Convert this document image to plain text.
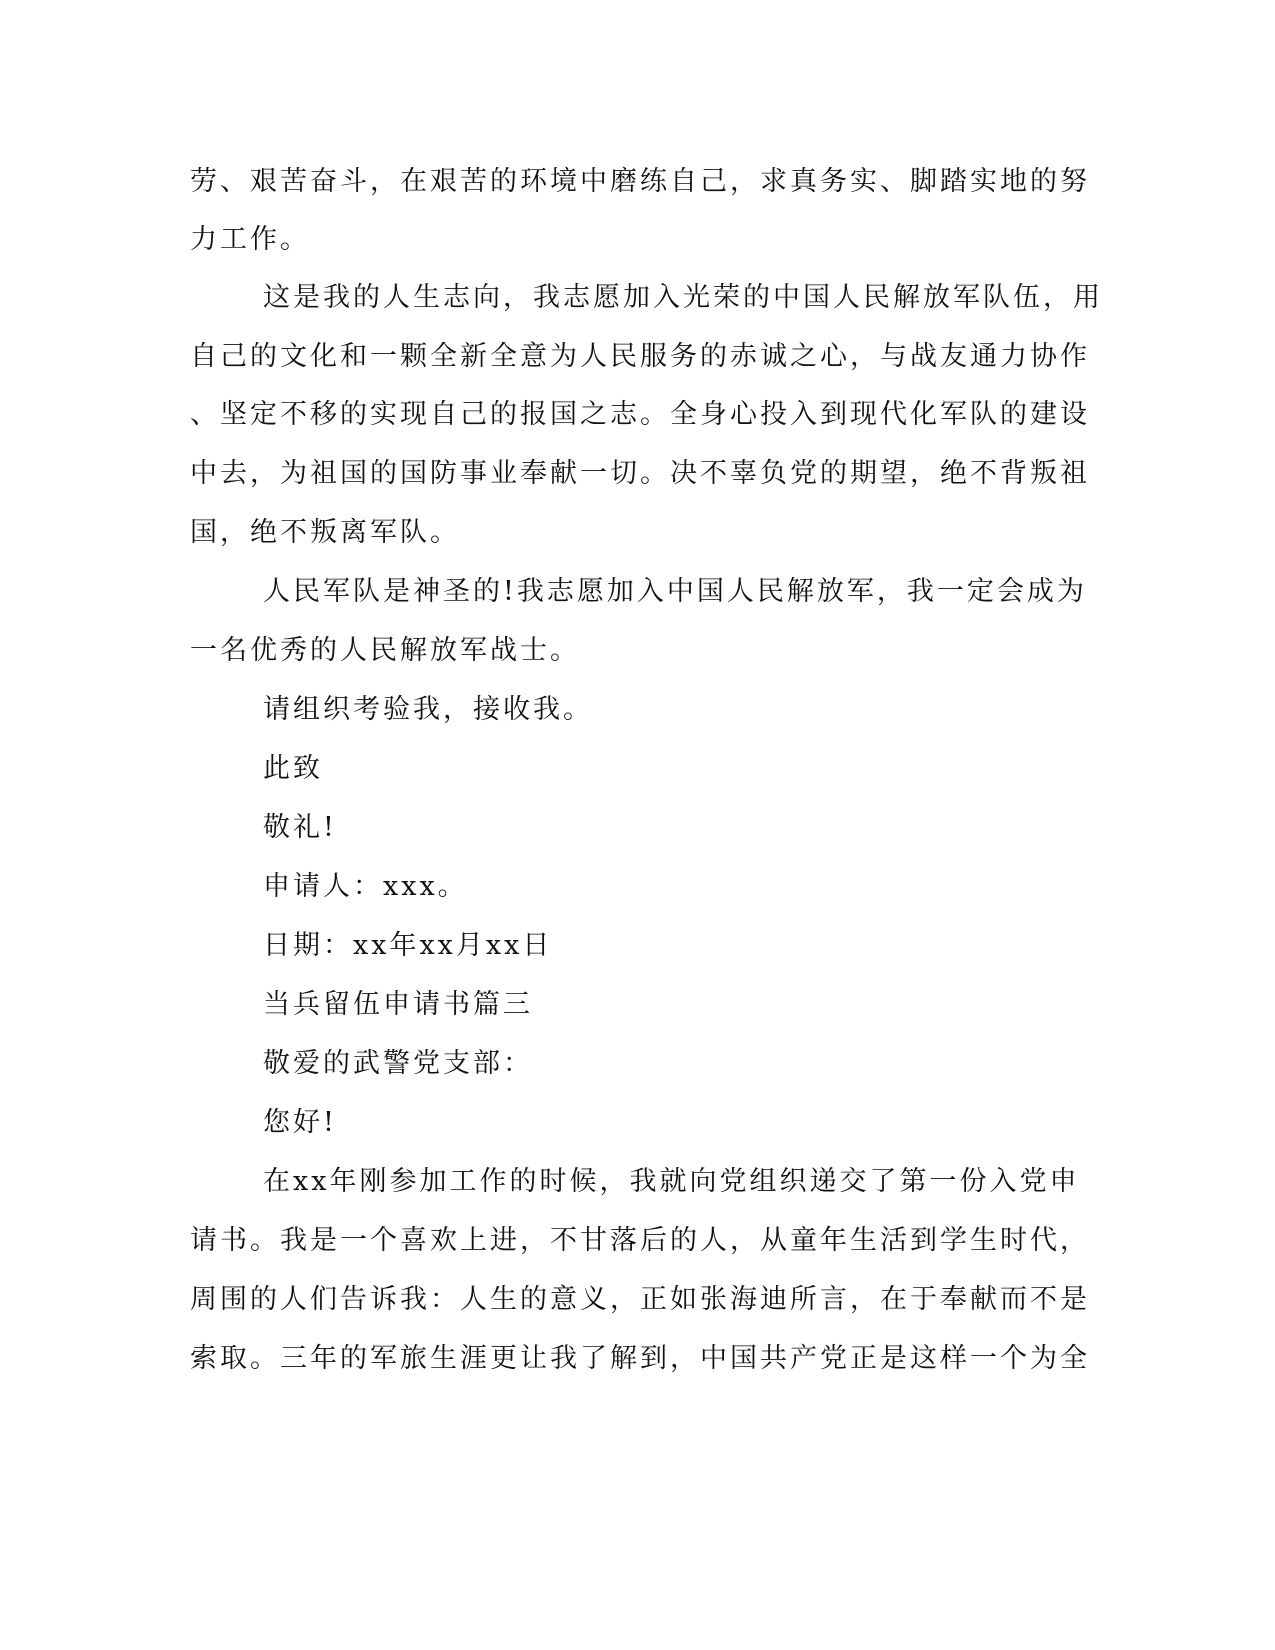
劳、艰苦奋斗，在艰苦的环境中磨练自己，求真务实、脚踏实地的努
力工作。
这是我的人生志向，我志愿加入光荣的中国人民解放军队伍，用
自己的文化和一颗全新全意为人民服务的赤诚之心，与战友通力协作
、坚定不移的实现自己的报国之志。全身心投入到现代化军队的建设
中去，为祖国的国防事业奉献一切。决不辜负党的期望，绝不背叛祖
国，绝不叛离军队。
人民军队是神圣的!我志愿加入中国人民解放军，我一定会成为
一名优秀的人民解放军战士。
请组织考验我，接收我。
此致
敬礼!
申请人：xxx。
日期：xx年xx月xx日
当兵留伍申请书篇三
敬爱的武警党支部：
您好!
在xx年刚参加工作的时候，我就向党组织递交了第一份入党申
请书。我是一个喜欢上进，不甘落后的人，从童年生活到学生时代，
周围的人们告诉我：人生的意义，正如张海迪所言，在于奉献而不是
索取。三年的军旅生涯更让我了解到，中国共产党正是这样一个为全
